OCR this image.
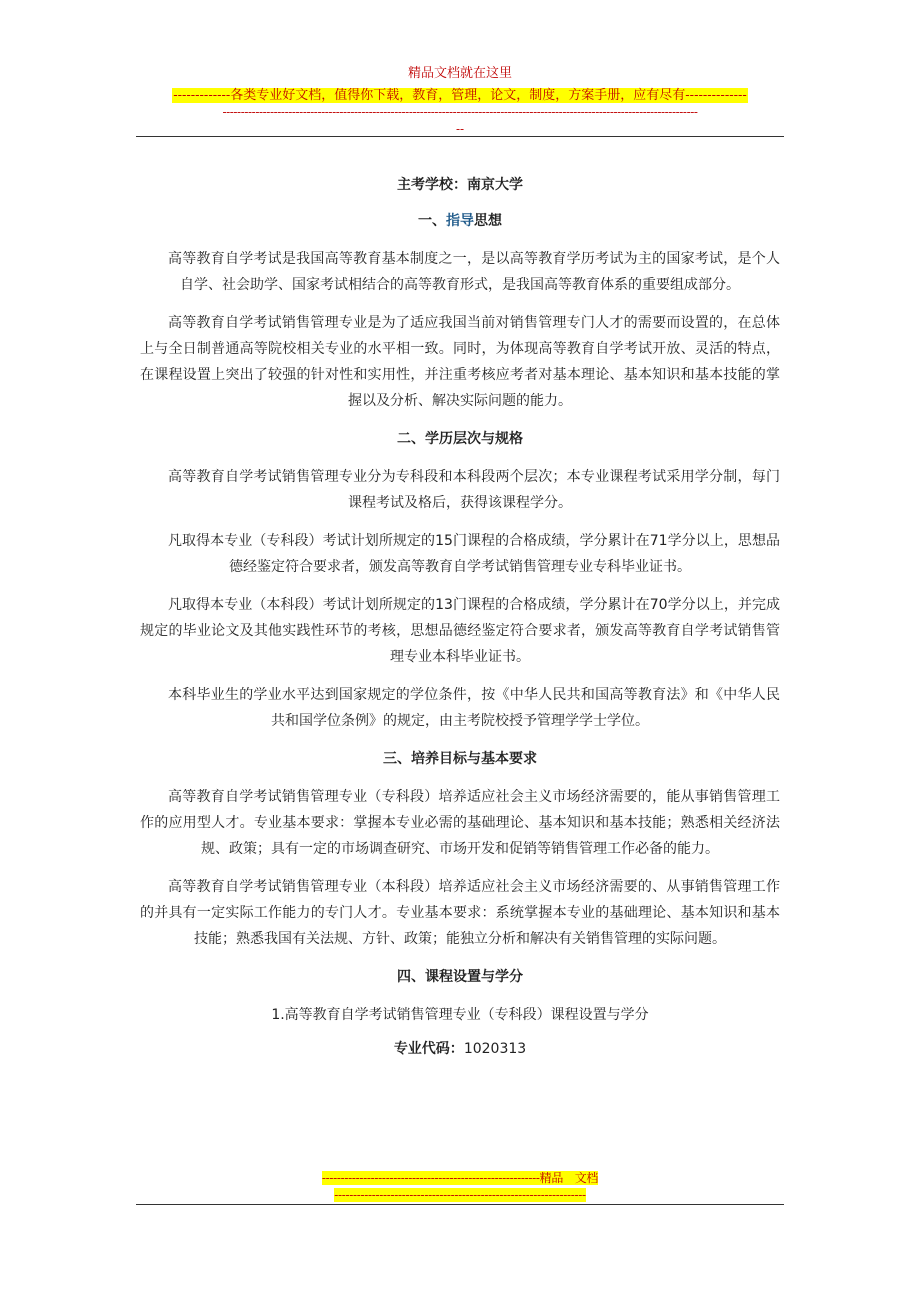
精品文档就在这里
-------------各类专业好文档，值得你下载，教育，管理，论文，制度，方案手册，应有尽有--------------
----------------------------------------------------------------------------------------------------------------------------------
--

主考学校：南京大学

一、指导思想

高等教育自学考试是我国高等教育基本制度之一，是以高等教育学历考试为主的国家考试，是个人自学、社会助学、国家考试相结合的高等教育形式，是我国高等教育体系的重要组成部分。

高等教育自学考试销售管理专业是为了适应我国当前对销售管理专门人才的需要而设置的，在总体上与全日制普通高等院校相关专业的水平相一致。同时，为体现高等教育自学考试开放、灵活的特点，在课程设置上突出了较强的针对性和实用性，并注重考核应考者对基本理论、基本知识和基本技能的掌握以及分析、解决实际问题的能力。

二、学历层次与规格

高等教育自学考试销售管理专业分为专科段和本科段两个层次；本专业课程考试采用学分制，每门课程考试及格后，获得该课程学分。

凡取得本专业（专科段）考试计划所规定的15门课程的合格成绩，学分累计在71学分以上，思想品德经鉴定符合要求者，颁发高等教育自学考试销售管理专业专科毕业证书。

凡取得本专业（本科段）考试计划所规定的13门课程的合格成绩，学分累计在70学分以上，并完成规定的毕业论文及其他实践性环节的考核，思想品德经鉴定符合要求者，颁发高等教育自学考试销售管理专业本科毕业证书。

本科毕业生的学业水平达到国家规定的学位条件，按《中华人民共和国高等教育法》和《中华人民共和国学位条例》的规定，由主考院校授予管理学学士学位。

三、培养目标与基本要求

高等教育自学考试销售管理专业（专科段）培养适应社会主义市场经济需要的，能从事销售管理工作的应用型人才。专业基本要求：掌握本专业必需的基础理论、基本知识和基本技能；熟悉相关经济法规、政策；具有一定的市场调查研究、市场开发和促销等销售管理工作必备的能力。

高等教育自学考试销售管理专业（本科段）培养适应社会主义市场经济需要的、从事销售管理工作的并具有一定实际工作能力的专门人才。专业基本要求：系统掌握本专业的基础理论、基本知识和基本技能；熟悉我国有关法规、方针、政策；能独立分析和解决有关销售管理的实际问题。

四、课程设置与学分

1.高等教育自学考试销售管理专业（专科段）课程设置与学分

专业代码：1020313

----------------------------------------------------------精品　文档
-------------------------------------------------------------------
